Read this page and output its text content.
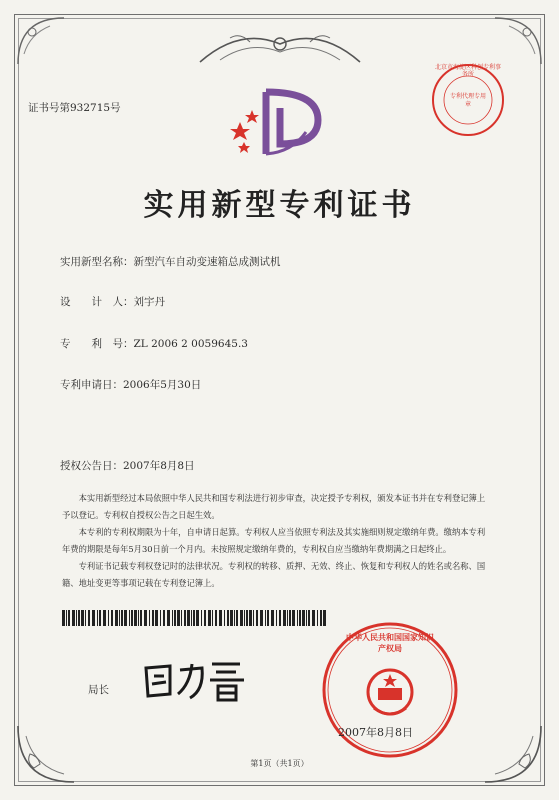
证书号第932715号
北京市海淀区科创专利事务所
专利代理专用章
实用新型专利证书
实用新型名称：新型汽车自动变速箱总成测试机
设　　计　人：刘宇丹
专　　利　号：ZL 2006 2 0059645.3
专利申请日：2006年5月30日
授权公告日：2007年8月8日

本实用新型经过本局依照中华人民共和国专利法进行初步审查，决定授予专利权，颁发本证书并在专利登记簿上予以登记。专利权自授权公告之日起生效。

本专利的专利权期限为十年，自申请日起算。专利权人应当依照专利法及其实施细则规定缴纳年费。缴纳本专利年费的期限是每年5月30日前一个月内。未按照规定缴纳年费的，专利权自应当缴纳年费期满之日起终止。

专利证书记载专利权登记时的法律状况。专利权的转移、质押、无效、终止、恢复和专利权人的姓名或名称、国籍、地址变更等事项记载在专利登记簿上。

局长
中华人民共和国国家知识产权局
2007年8月8日
第1页（共1页）
